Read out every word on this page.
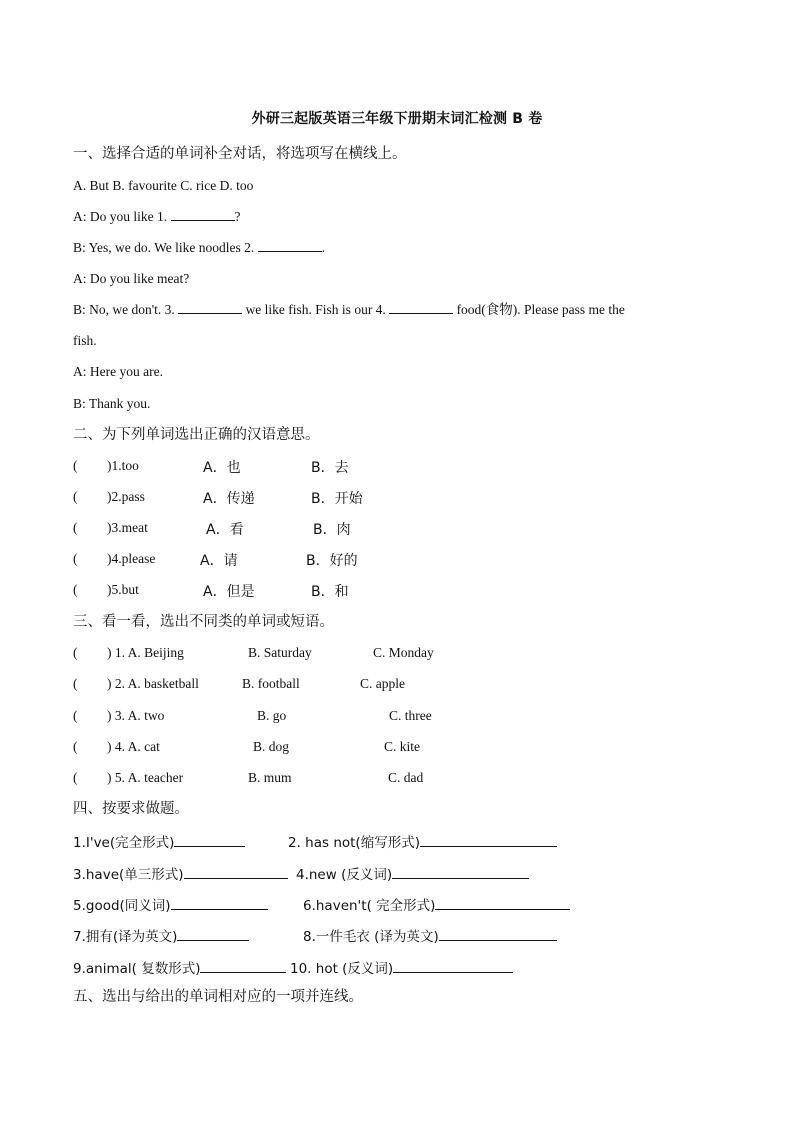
外研三起版英语三年级下册期末词汇检测 B 卷
一、选择合适的单词补全对话，将选项写在横线上。
A. But B. favourite C. rice D. too
A: Do you like 1.	?
B: Yes, we do. We like noodles 2.	.
A: Do you like meat?
B: No, we don't. 3.	we like fish. Fish is our 4.	food(食物). Please pass me the
fish.
A: Here you are.
B: Thank you.
二、为下列单词选出正确的汉语意思。
( )1.too	A．也	B．去
( )2.pass	A．传递	B．开始
( )3.meat	A．看	B．肉
( )4.please	A．请	B．好的
( )5.but	A．但是	B．和
三、看一看，选出不同类的单词或短语。
( ) 1. A. Beijing	B. Saturday	C. Monday
( ) 2. A. basketball	B. football	C. apple
( ) 3. A. two	B. go	C. three
( ) 4. A. cat	B. dog	C. kite
( ) 5. A. teacher	B. mum	C. dad
四、按要求做题。
1.I've(完全形式)	2. has not(缩写形式)
3.have(单三形式)	4.new (反义词)
5.good(同义词)	6.haven't( 完全形式)
7.拥有(译为英文)	8.一件毛衣 (译为英文)
9.animal( 复数形式)	10. hot (反义词)
五、选出与给出的单词相对应的一项并连线。
